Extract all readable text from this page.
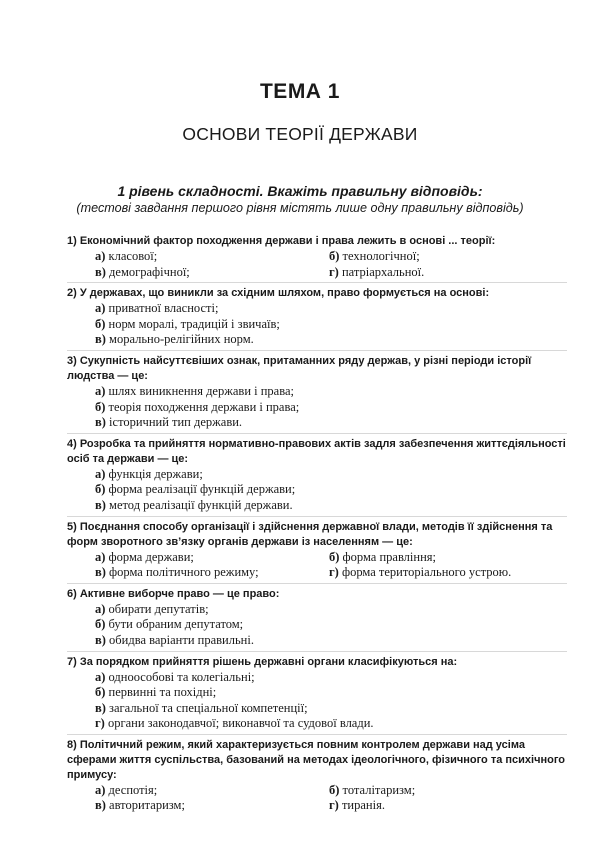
ТЕМА 1
ОСНОВИ ТЕОРІЇ ДЕРЖАВИ
1 рівень складності. Вкажіть правильну відповідь:
(тестові завдання першого рівня містять лише одну правильну відповідь)
1) Економічний фактор походження держави і права лежить в основі ... теорії:
а) класової;	б) технологічної;
в) демографічної;	г) патріархальної.
2) У державах, що виникли за східним шляхом, право формується на основі:
а) приватної власності;
б) норм моралі, традицій і звичаїв;
в) морально-релігійних норм.
3) Сукупність найсуттєвіших ознак, притаманних ряду держав, у різні періоди історії людства — це:
а) шлях виникнення держави і права;
б) теорія походження держави і права;
в) історичний тип держави.
4) Розробка та прийняття нормативно-правових актів задля забезпечення життєдіяльності осіб та держави — це:
а) функція держави;
б) форма реалізації функцій держави;
в) метод реалізації функцій держави.
5) Поєднання способу організації і здійснення державної влади, методів її здійснення та форм зворотного зв’язку органів держави із населенням — це:
а) форма держави;	б) форма правління;
в) форма політичного режиму;	г) форма територіального устрою.
6) Активне виборче право — це право:
а) обирати депутатів;
б) бути обраним депутатом;
в) обидва варіанти правильні.
7) За порядком прийняття рішень державні органи класифікуються на:
а) одноособові та колегіальні;
б) первинні та похідні;
в) загальної та спеціальної компетенції;
г) органи законодавчої; виконавчої та судової влади.
8) Політичний режим, який характеризується повним контролем держави над усіма сферами життя суспільства, базований на методах ідеологічного, фізичного та психічного примусу:
а) деспотія;	б) тоталітаризм;
в) авторитаризм;	г) тиранія.
